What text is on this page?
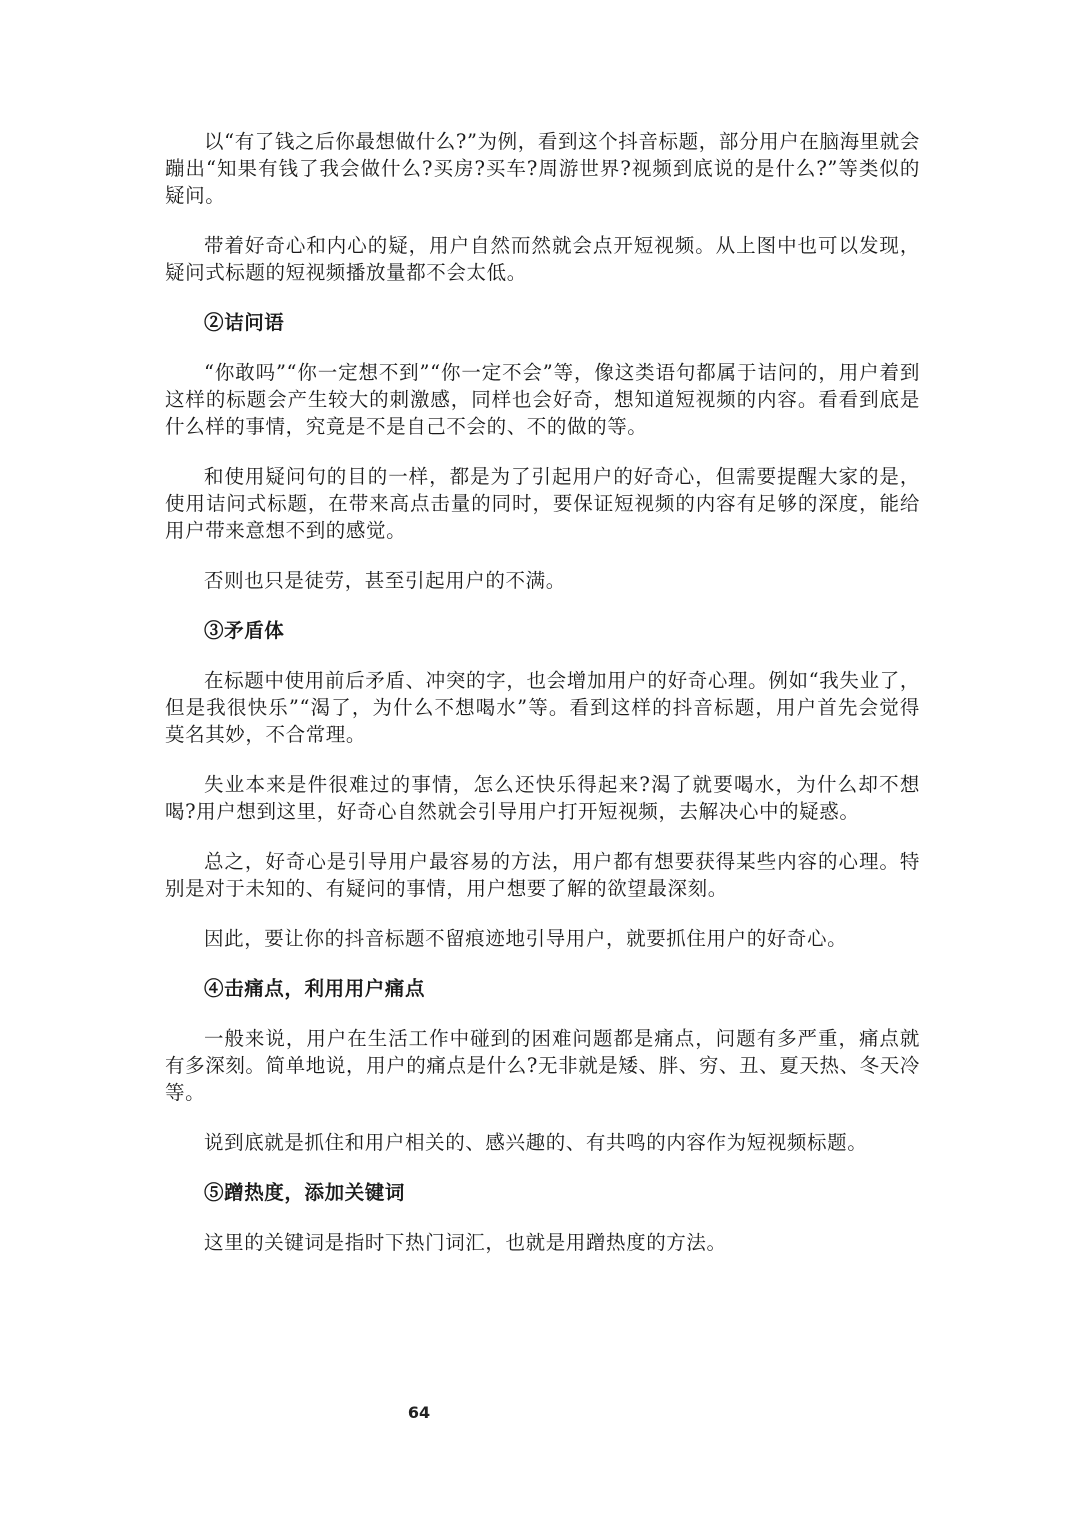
以“有了钱之后你最想做什么?”为例，看到这个抖音标题，部分用户在脑海里就会蹦出“知果有钱了我会做什么?买房?买车?周游世界?视频到底说的是什么?”等类似的疑问。

带着好奇心和内心的疑，用户自然而然就会点开短视频。从上图中也可以发现，疑问式标题的短视频播放量都不会太低。

②诘问语

“你敢吗”“你一定想不到”“你一定不会”等，像这类语句都属于诘问的，用户着到这样的标题会产生较大的刺激感，同样也会好奇，想知道短视频的内容。看看到底是什么样的事情，究竟是不是自己不会的、不的做的等。

和使用疑问句的目的一样，都是为了引起用户的好奇心，但需要提醒大家的是，使用诘问式标题，在带来高点击量的同时，要保证短视频的内容有足够的深度，能给用户带来意想不到的感觉。

否则也只是徒劳，甚至引起用户的不满。

③矛盾体

在标题中使用前后矛盾、冲突的字，也会增加用户的好奇心理。例如“我失业了，但是我很快乐”“渴了，为什么不想喝水”等。看到这样的抖音标题，用户首先会觉得莫名其妙，不合常理。

失业本来是件很难过的事情，怎么还快乐得起来?渴了就要喝水，为什么却不想喝?用户想到这里，好奇心自然就会引导用户打开短视频，去解决心中的疑惑。

总之，好奇心是引导用户最容易的方法，用户都有想要获得某些内容的心理。特别是对于未知的、有疑问的事情，用户想要了解的欲望最深刻。

因此，要让你的抖音标题不留痕迹地引导用户，就要抓住用户的好奇心。

④击痛点，利用用户痛点

一般来说，用户在生活工作中碰到的困难问题都是痛点，问题有多严重，痛点就有多深刻。简单地说，用户的痛点是什么?无非就是矮、胖、穷、丑、夏天热、冬天冷等。

说到底就是抓住和用户相关的、感兴趣的、有共鸣的内容作为短视频标题。

⑤蹭热度，添加关键词

这里的关键词是指时下热门词汇，也就是用蹭热度的方法。

64
